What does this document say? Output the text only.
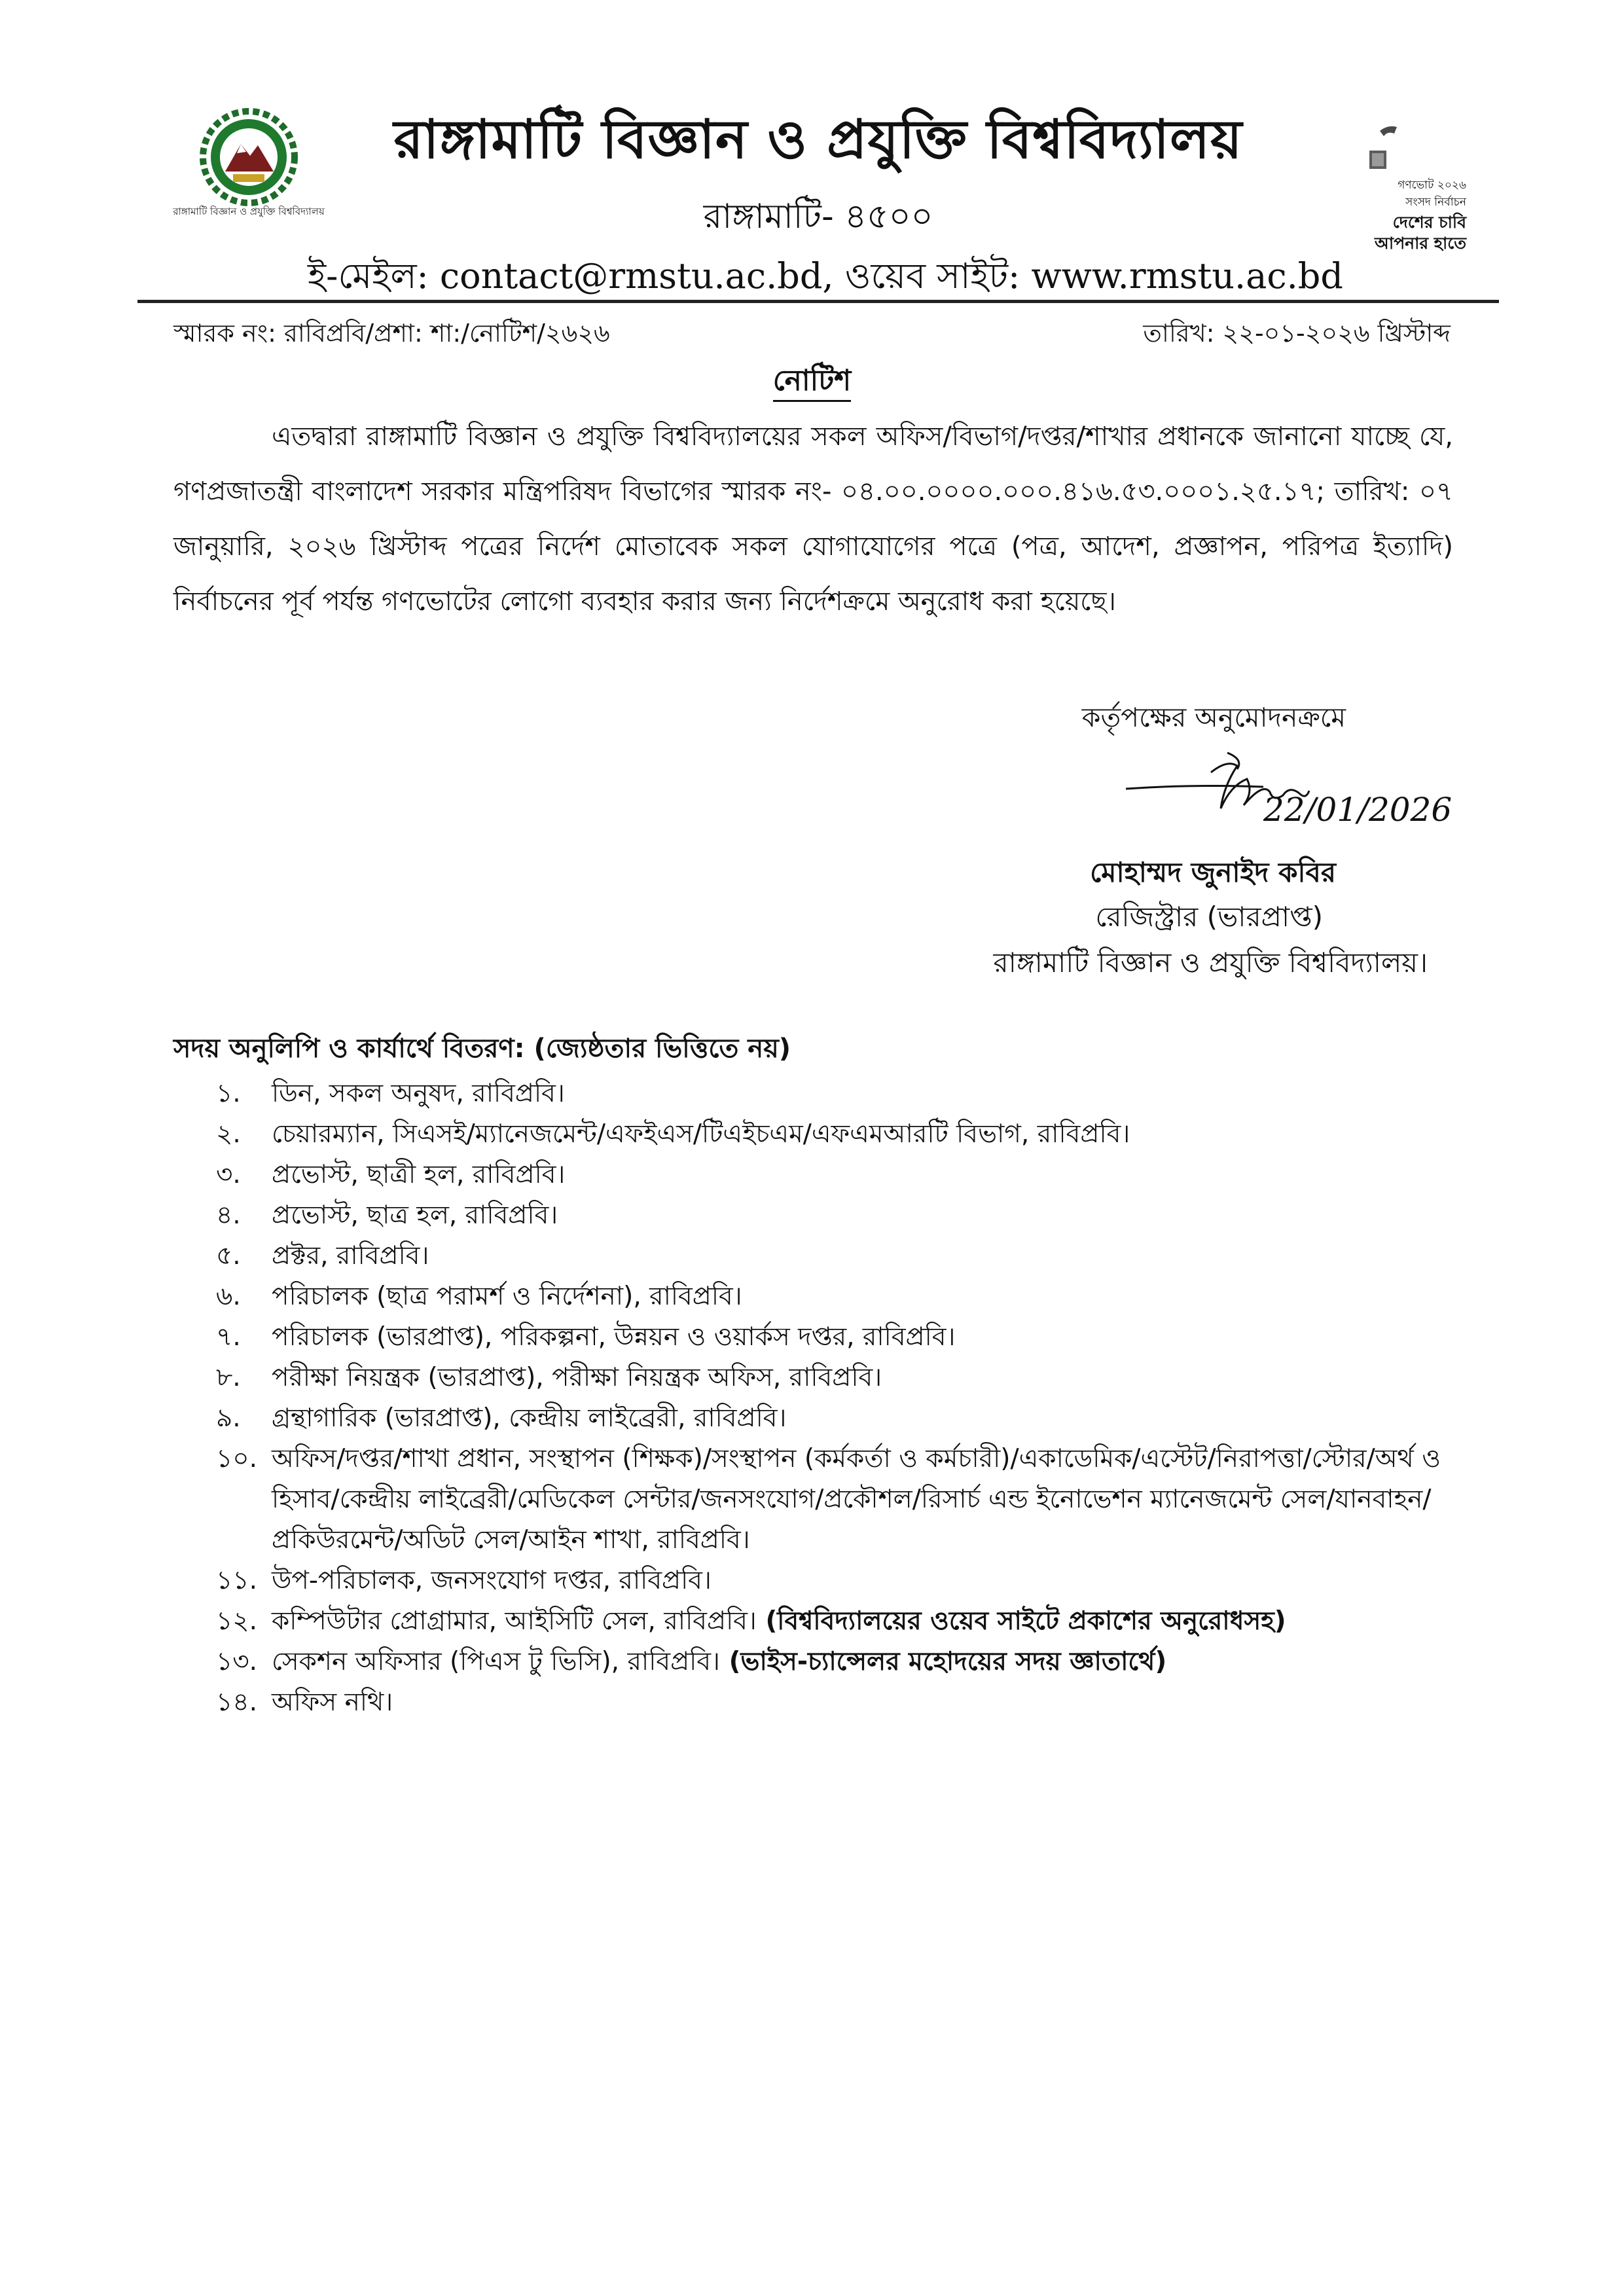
রাঙ্গামাটি বিজ্ঞান ও প্রযুক্তি বিশ্ববিদ্যালয়
রাঙ্গামাটি বিজ্ঞান ও প্রযুক্তি বিশ্ববিদ্যালয়
রাঙ্গামাটি- ৪৫০০
ই-মেইল: contact@rmstu.ac.bd, ওয়েব সাইট: www.rmstu.ac.bd
গণভোট ২০২৬
সংসদ নির্বাচন
দেশের চাবি
আপনার হাতে
স্মারক নং: রাবিপ্রবি/প্রশা: শা:/নোটিশ/২৬২৬	তারিখ: ২২-০১-২০২৬ খ্রিস্টাব্দ
নোটিশ
এতদ্বারা রাঙ্গামাটি বিজ্ঞান ও প্রযুক্তি বিশ্ববিদ্যালয়ের সকল অফিস/বিভাগ/দপ্তর/শাখার প্রধানকে জানানো যাচ্ছে যে, গণপ্রজাতন্ত্রী বাংলাদেশ সরকার মন্ত্রিপরিষদ বিভাগের স্মারক নং- ০৪.০০.০০০০.০০০.৪১৬.৫৩.০০০১.২৫.১৭; তারিখ: ০৭ জানুয়ারি, ২০২৬ খ্রিস্টাব্দ পত্রের নির্দেশ মোতাবেক সকল যোগাযোগের পত্রে (পত্র, আদেশ, প্রজ্ঞাপন, পরিপত্র ইত্যাদি) নির্বাচনের পূর্ব পর্যন্ত গণভোটের লোগো ব্যবহার করার জন্য নির্দেশক্রমে অনুরোধ করা হয়েছে।
কর্তৃপক্ষের অনুমোদনক্রমে
22/01/2026
মোহাম্মদ জুনাইদ কবির
রেজিস্ট্রার (ভারপ্রাপ্ত)
রাঙ্গামাটি বিজ্ঞান ও প্রযুক্তি বিশ্ববিদ্যালয়।
সদয় অনুলিপি ও কার্যার্থে বিতরণ: (জ্যেষ্ঠতার ভিত্তিতে নয়)
১.	ডিন, সকল অনুষদ, রাবিপ্রবি।
২.	চেয়ারম্যান, সিএসই/ম্যানেজমেন্ট/এফইএস/টিএইচএম/এফএমআরটি বিভাগ, রাবিপ্রবি।
৩.	প্রভোস্ট, ছাত্রী হল, রাবিপ্রবি।
৪.	প্রভোস্ট, ছাত্র হল, রাবিপ্রবি।
৫.	প্রক্টর, রাবিপ্রবি।
৬.	পরিচালক (ছাত্র পরামর্শ ও নির্দেশনা), রাবিপ্রবি।
৭.	পরিচালক (ভারপ্রাপ্ত), পরিকল্পনা, উন্নয়ন ও ওয়ার্কস দপ্তর, রাবিপ্রবি।
৮.	পরীক্ষা নিয়ন্ত্রক (ভারপ্রাপ্ত), পরীক্ষা নিয়ন্ত্রক অফিস, রাবিপ্রবি।
৯.	গ্রন্থাগারিক (ভারপ্রাপ্ত), কেন্দ্রীয় লাইব্রেরী, রাবিপ্রবি।
১০. অফিস/দপ্তর/শাখা প্রধান, সংস্থাপন (শিক্ষক)/সংস্থাপন (কর্মকর্তা ও কর্মচারী)/একাডেমিক/এস্টেট/নিরাপত্তা/স্টোর/অর্থ ও হিসাব/কেন্দ্রীয় লাইব্রেরী/মেডিকেল সেন্টার/জনসংযোগ/প্রকৌশল/রিসার্চ এন্ড ইনোভেশন ম্যানেজমেন্ট সেল/যানবাহন/ প্রকিউরমেন্ট/অডিট সেল/আইন শাখা, রাবিপ্রবি।
১১. উপ-পরিচালক, জনসংযোগ দপ্তর, রাবিপ্রবি।
১২. কম্পিউটার প্রোগ্রামার, আইসিটি সেল, রাবিপ্রবি। (বিশ্ববিদ্যালয়ের ওয়েব সাইটে প্রকাশের অনুরোধসহ)
১৩. সেকশন অফিসার (পিএস টু ভিসি), রাবিপ্রবি। (ভাইস-চ্যান্সেলর মহোদয়ের সদয় জ্ঞাতার্থে)
১৪. অফিস নথি।
